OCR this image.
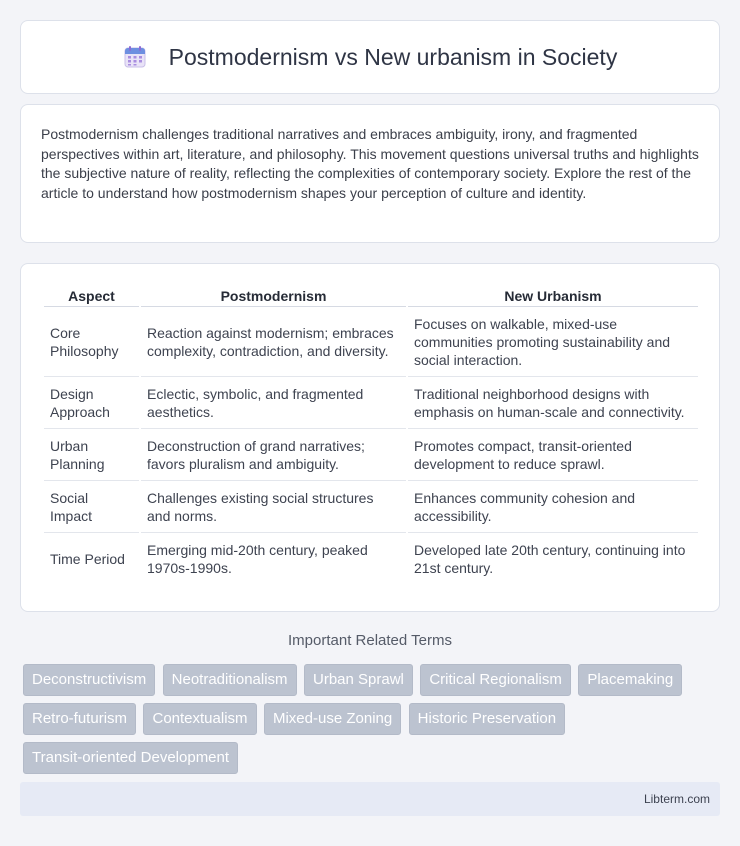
Postmodernism vs New urbanism in Society

Postmodernism challenges traditional narratives and embraces ambiguity, irony, and fragmented perspectives within art, literature, and philosophy. This movement questions universal truths and highlights the subjective nature of reality, reflecting the complexities of contemporary society. Explore the rest of the article to understand how postmodernism shapes your perception of culture and identity.

Aspect	Postmodernism	New Urbanism
Core Philosophy	Reaction against modernism; embraces complexity, contradiction, and diversity.	Focuses on walkable, mixed-use communities promoting sustainability and social interaction.
Design Approach	Eclectic, symbolic, and fragmented aesthetics.	Traditional neighborhood designs with emphasis on human-scale and connectivity.
Urban Planning	Deconstruction of grand narratives; favors pluralism and ambiguity.	Promotes compact, transit-oriented development to reduce sprawl.
Social Impact	Challenges existing social structures and norms.	Enhances community cohesion and accessibility.
Time Period	Emerging mid-20th century, peaked 1970s-1990s.	Developed late 20th century, continuing into 21st century.
Important Related Terms
Deconstructivism Neotraditionalism Urban Sprawl Critical Regionalism Placemaking Retro-futurism Contextualism Mixed-use Zoning Historic Preservation Transit-oriented Development
Libterm.com
